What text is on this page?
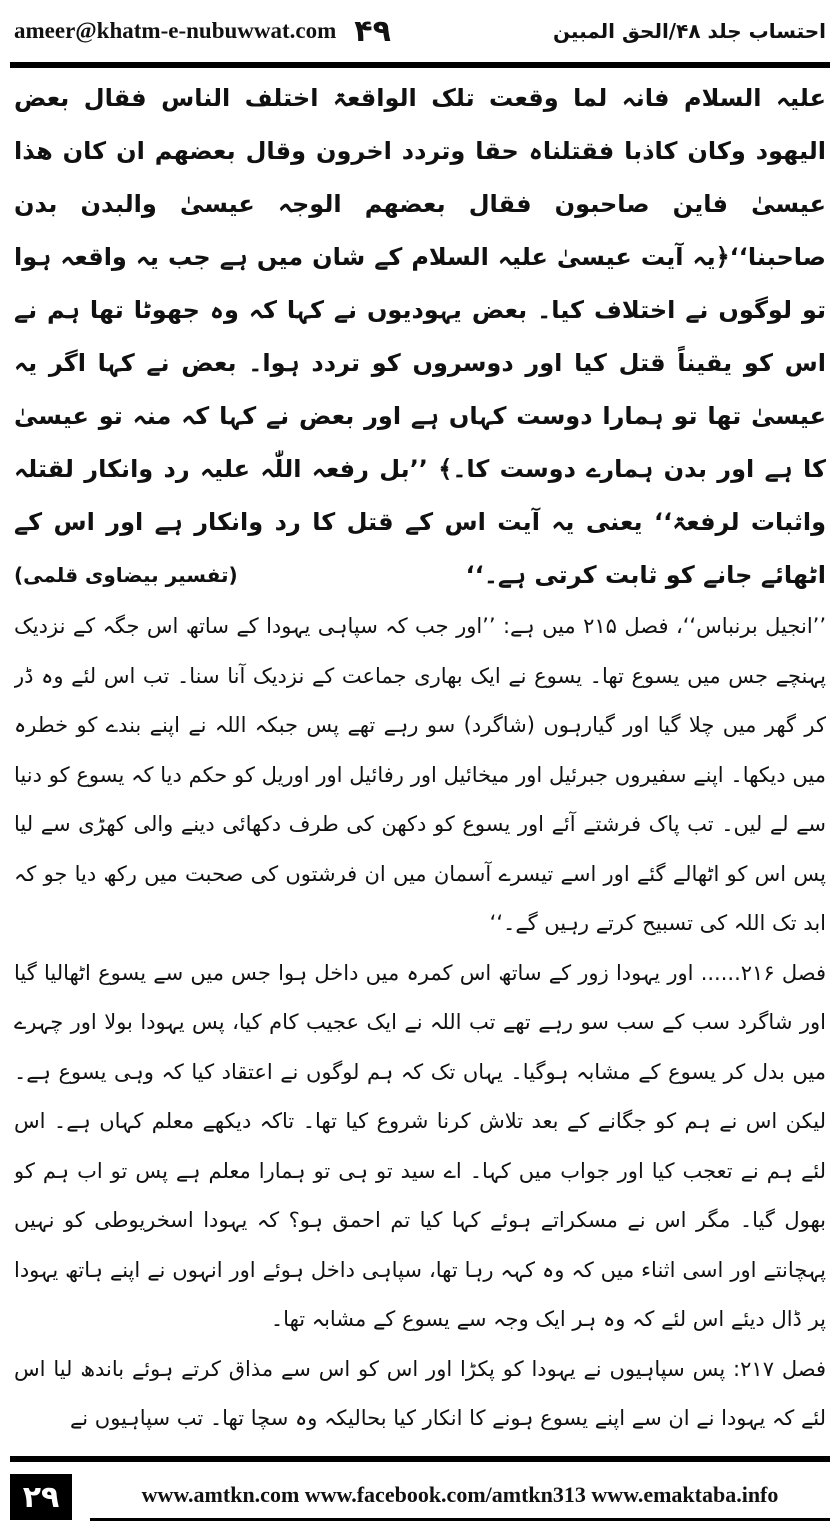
ameer@khatm-e-nubuwwat.com ۴۹	احتساب جلد ۴۸/الحق المبین

علیہ السلام فانہ لما وقعت تلک الواقعۃ اختلف الناس فقال بعض الیھود وکان کاذبا فقتلناہ حقا وتردد اخرون وقال بعضھم ان کان ھذا عیسیٰ فاین صاحبون فقال بعضھم الوجہ عیسیٰ والبدن بدن صاحبنا‘‘﴿یہ آیت عیسیٰ علیہ السلام کے شان میں ہے جب یہ واقعہ ہوا تو لوگوں نے اختلاف کیا۔ بعض یہودیوں نے کہا کہ وہ جھوٹا تھا ہم نے اس کو یقیناً قتل کیا اور دوسروں کو تردد ہوا۔ بعض نے کہا اگر یہ عیسیٰ تھا تو ہمارا دوست کہاں ہے اور بعض نے کہا کہ منہ تو عیسیٰ کا ہے اور بدن ہمارے دوست کا۔﴾ ’’بل رفعہ اللّٰہ علیہ رد وانکار لقتلہ واثبات لرفعۃ‘‘ یعنی یہ آیت اس کے قتل کا رد وانکار ہے اور اس کے اٹھائے جانے کو ثابت کرتی ہے۔‘‘
(تفسیر بیضاوی قلمی)

’’انجیل برنباس‘‘، فصل ۲۱۵ میں ہے: ’’اور جب کہ سپاہی یہودا کے ساتھ اس جگہ کے نزدیک پہنچے جس میں یسوع تھا۔ یسوع نے ایک بھاری جماعت کے نزدیک آنا سنا۔ تب اس لئے وہ ڈر کر گھر میں چلا گیا اور گیارہوں (شاگرد) سو رہے تھے پس جبکہ اللہ نے اپنے بندے کو خطرہ میں دیکھا۔ اپنے سفیروں جبرئیل اور میخائیل اور رفائیل اور اوریل کو حکم دیا کہ یسوع کو دنیا سے لے لیں۔ تب پاک فرشتے آئے اور یسوع کو دکھن کی طرف دکھائی دینے والی کھڑی سے لیا پس اس کو اٹھالے گئے اور اسے تیسرے آسمان میں ان فرشتوں کی صحبت میں رکھ دیا جو کہ ابد تک اللہ کی تسبیح کرتے رہیں گے۔‘‘

فصل ۲۱۶...... اور یہودا زور کے ساتھ اس کمرہ میں داخل ہوا جس میں سے یسوع اٹھالیا گیا اور شاگرد سب کے سب سو رہے تھے تب اللہ نے ایک عجیب کام کیا، پس یہودا بولا اور چہرے میں بدل کر یسوع کے مشابہ ہوگیا۔ یہاں تک کہ ہم لوگوں نے اعتقاد کیا کہ وہی یسوع ہے۔ لیکن اس نے ہم کو جگانے کے بعد تلاش کرنا شروع کیا تھا۔ تاکہ دیکھے معلم کہاں ہے۔ اس لئے ہم نے تعجب کیا اور جواب میں کہا۔ اے سید تو ہی تو ہمارا معلم ہے پس تو اب ہم کو بھول گیا۔ مگر اس نے مسکراتے ہوئے کہا کیا تم احمق ہو؟ کہ یہودا اسخریوطی کو نہیں پہچانتے اور اسی اثناء میں کہ وہ کہہ رہا تھا، سپاہی داخل ہوئے اور انہوں نے اپنے ہاتھ یہودا پر ڈال دیئے اس لئے کہ وہ ہر ایک وجہ سے یسوع کے مشابہ تھا۔

فصل ۲۱۷: پس سپاہیوں نے یہودا کو پکڑا اور اس کو اس سے مذاق کرتے ہوئے باندھ لیا اس لئے کہ یہودا نے ان سے اپنے یسوع ہونے کا انکار کیا بحالیکہ وہ سچا تھا۔ تب سپاہیوں نے

۲۹	www.amtkn.com www.facebook.com/amtkn313 www.emaktaba.info
